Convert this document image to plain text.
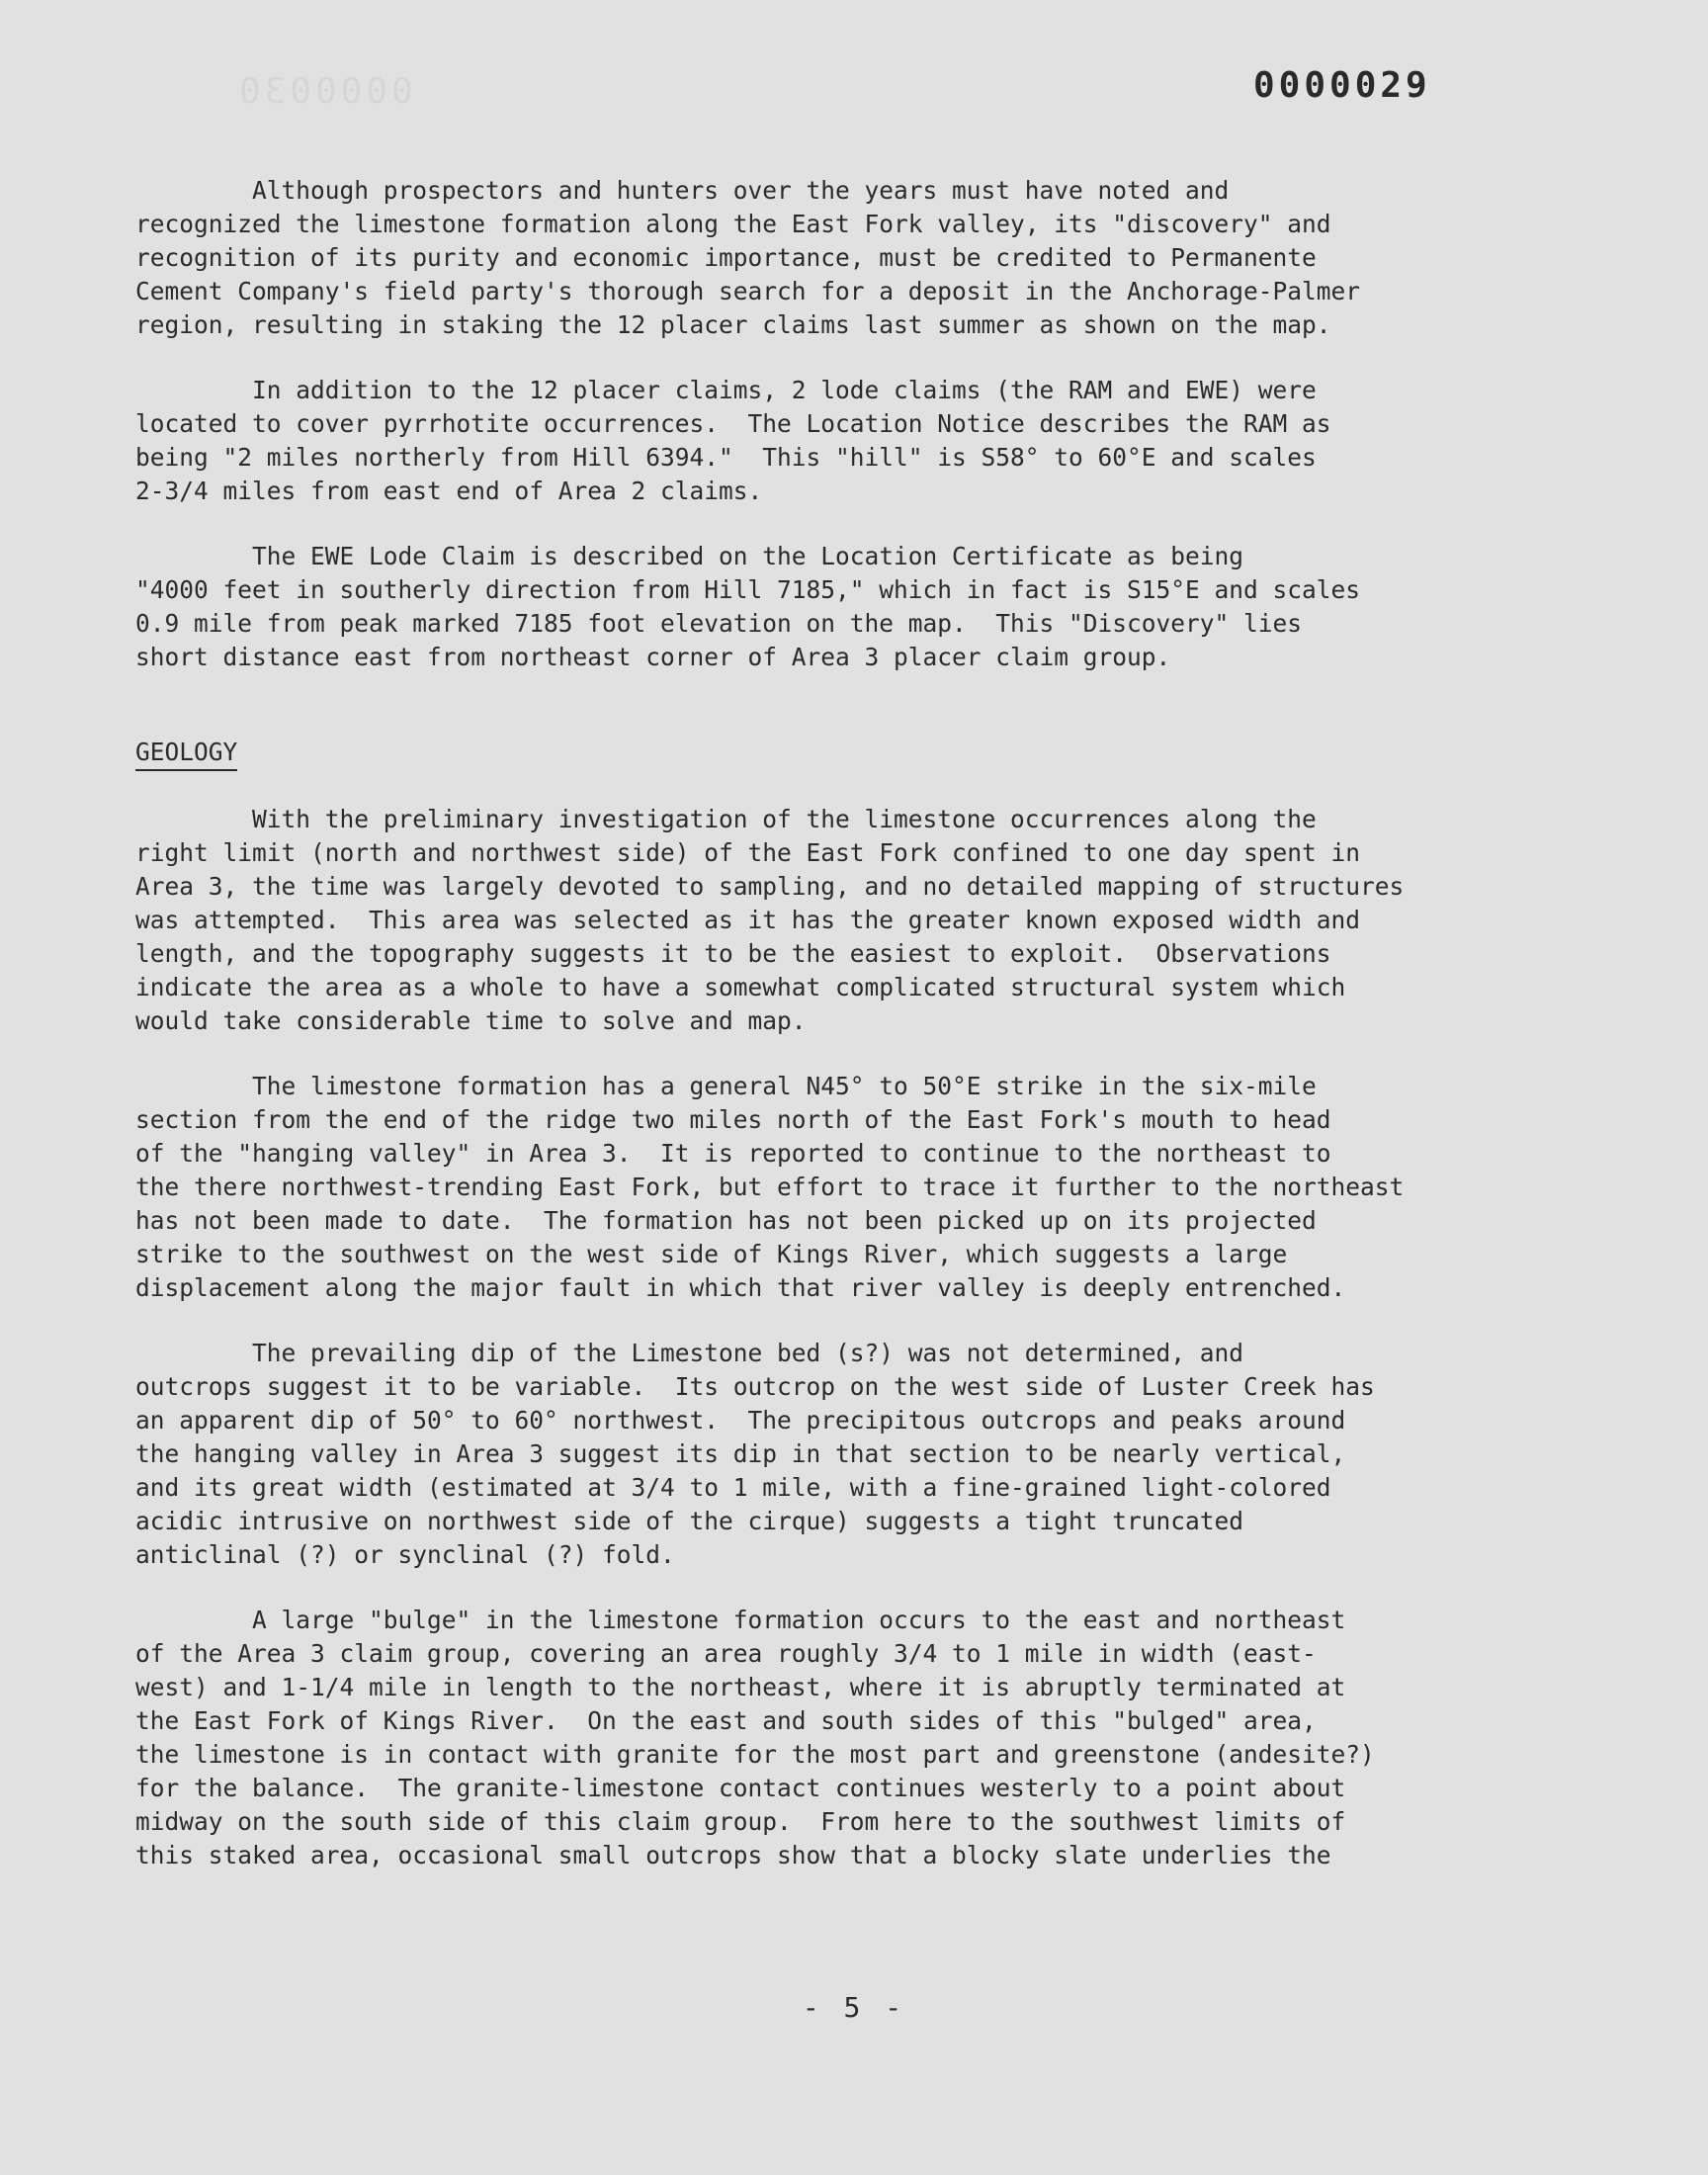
0000030	0000029
Although prospectors and hunters over the years must have noted and
recognized the limestone formation along the East Fork valley, its "discovery" and
recognition of its purity and economic importance, must be credited to Permanente
Cement Company's field party's thorough search for a deposit in the Anchorage-Palmer
region, resulting in staking the 12 placer claims last summer as shown on the map.
In addition to the 12 placer claims, 2 lode claims (the RAM and EWE) were
located to cover pyrrhotite occurrences.  The Location Notice describes the RAM as
being "2 miles northerly from Hill 6394."  This "hill" is S58° to 60°E and scales
2-3/4 miles from east end of Area 2 claims.
The EWE Lode Claim is described on the Location Certificate as being
"4000 feet in southerly direction from Hill 7185," which in fact is S15°E and scales
0.9 mile from peak marked 7185 foot elevation on the map.  This "Discovery" lies
short distance east from northeast corner of Area 3 placer claim group.
GEOLOGY
With the preliminary investigation of the limestone occurrences along the
right limit (north and northwest side) of the East Fork confined to one day spent in
Area 3, the time was largely devoted to sampling, and no detailed mapping of structures
was attempted.  This area was selected as it has the greater known exposed width and
length, and the topography suggests it to be the easiest to exploit.  Observations
indicate the area as a whole to have a somewhat complicated structural system which
would take considerable time to solve and map.
The limestone formation has a general N45° to 50°E strike in the six-mile
section from the end of the ridge two miles north of the East Fork's mouth to head
of the "hanging valley" in Area 3.  It is reported to continue to the northeast to
the there northwest-trending East Fork, but effort to trace it further to the northeast
has not been made to date.  The formation has not been picked up on its projected
strike to the southwest on the west side of Kings River, which suggests a large
displacement along the major fault in which that river valley is deeply entrenched.
The prevailing dip of the Limestone bed (s?) was not determined, and
outcrops suggest it to be variable.  Its outcrop on the west side of Luster Creek has
an apparent dip of 50° to 60° northwest.  The precipitous outcrops and peaks around
the hanging valley in Area 3 suggest its dip in that section to be nearly vertical,
and its great width (estimated at 3/4 to 1 mile, with a fine-grained light-colored
acidic intrusive on northwest side of the cirque) suggests a tight truncated
anticlinal (?) or synclinal (?) fold.
A large "bulge" in the limestone formation occurs to the east and northeast
of the Area 3 claim group, covering an area roughly 3/4 to 1 mile in width (east-
west) and 1-1/4 mile in length to the northeast, where it is abruptly terminated at
the East Fork of Kings River.  On the east and south sides of this "bulged" area,
the limestone is in contact with granite for the most part and greenstone (andesite?)
for the balance.  The granite-limestone contact continues westerly to a point about
midway on the south side of this claim group.  From here to the southwest limits of
this staked area, occasional small outcrops show that a blocky slate underlies the
- 5 -
